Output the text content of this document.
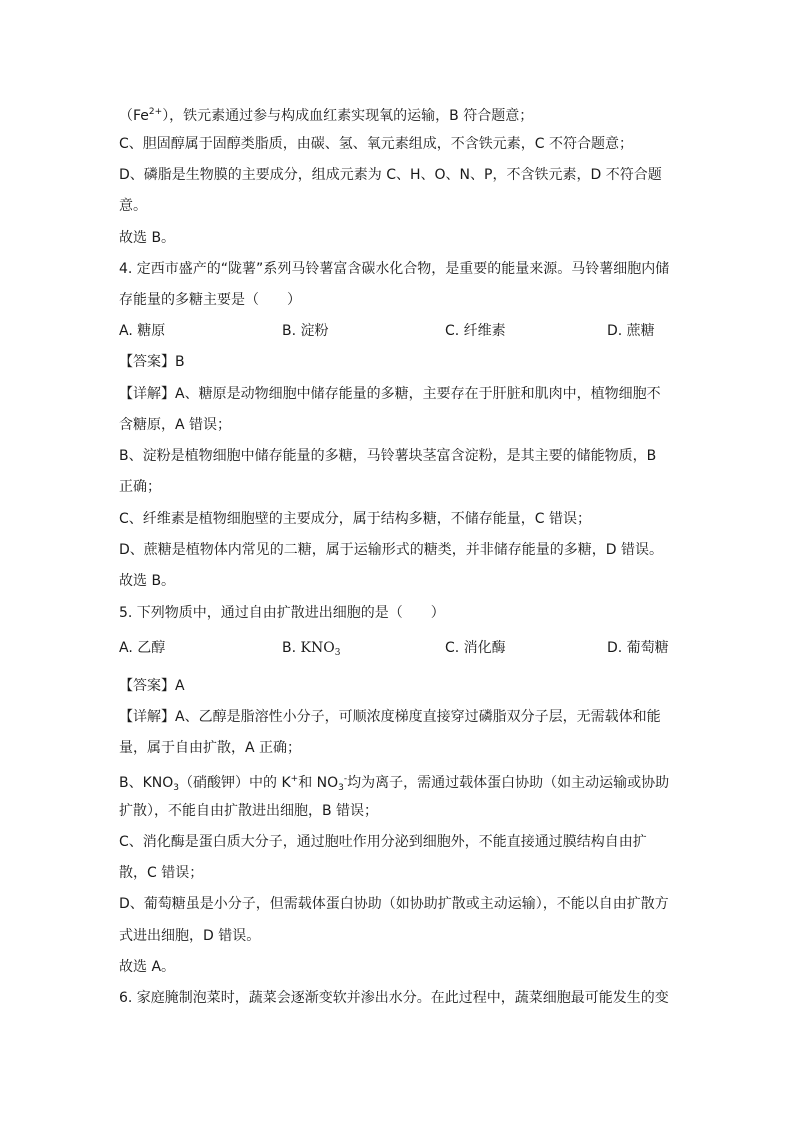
$(Fe^{2+})$，铁元素通过参与构成血红素实现氧的运输，B 符合题意；
C、胆固醇属于固醇类脂质，由碳、氢、氧元素组成，不含铁元素，C 不符合题意；
D、磷脂是生物膜的主要成分，组成元素为 C、H、O、N、P，不含铁元素，D 不符合题
意。
故选 B。
4. 定西市盛产的“陇薯”系列马铃薯富含碳水化合物，是重要的能量来源。马铃薯细胞内储
存能量的多糖主要是（　　）
A. 糖原	B. 淀粉	C. 纤维素	D. 蔗糖
【答案】B
【详解】A、糖原是动物细胞中储存能量的多糖，主要存在于肝脏和肌肉中，植物细胞不
含糖原，A 错误；
B、淀粉是植物细胞中储存能量的多糖，马铃薯块茎富含淀粉，是其主要的储能物质，B
正确；
C、纤维素是植物细胞壁的主要成分，属于结构多糖，不储存能量，C 错误；
D、蔗糖是植物体内常见的二糖，属于运输形式的糖类，并非储存能量的多糖，D 错误。
故选 B。
5. 下列物质中，通过自由扩散进出细胞的是（　　）
A. 乙醇	B. $KNO_3$	C. 消化酶	D. 葡萄糖
【答案】A
【详解】A、乙醇是脂溶性小分子，可顺浓度梯度直接穿过磷脂双分子层，无需载体和能
量，属于自由扩散，A 正确；
B、$KNO_3$（硝酸钾）中的 K+和 $NO_3^-$均为离子，需通过载体蛋白协助（如主动运输或协助
扩散），不能自由扩散进出细胞，B 错误；
C、消化酶是蛋白质大分子，通过胞吐作用分泌到细胞外，不能直接通过膜结构自由扩
散，C 错误；
D、葡萄糖虽是小分子，但需载体蛋白协助（如协助扩散或主动运输），不能以自由扩散方
式进出细胞，D 错误。
故选 A。
6. 家庭腌制泡菜时，蔬菜会逐渐变软并渗出水分。在此过程中，蔬菜细胞最可能发生的变
